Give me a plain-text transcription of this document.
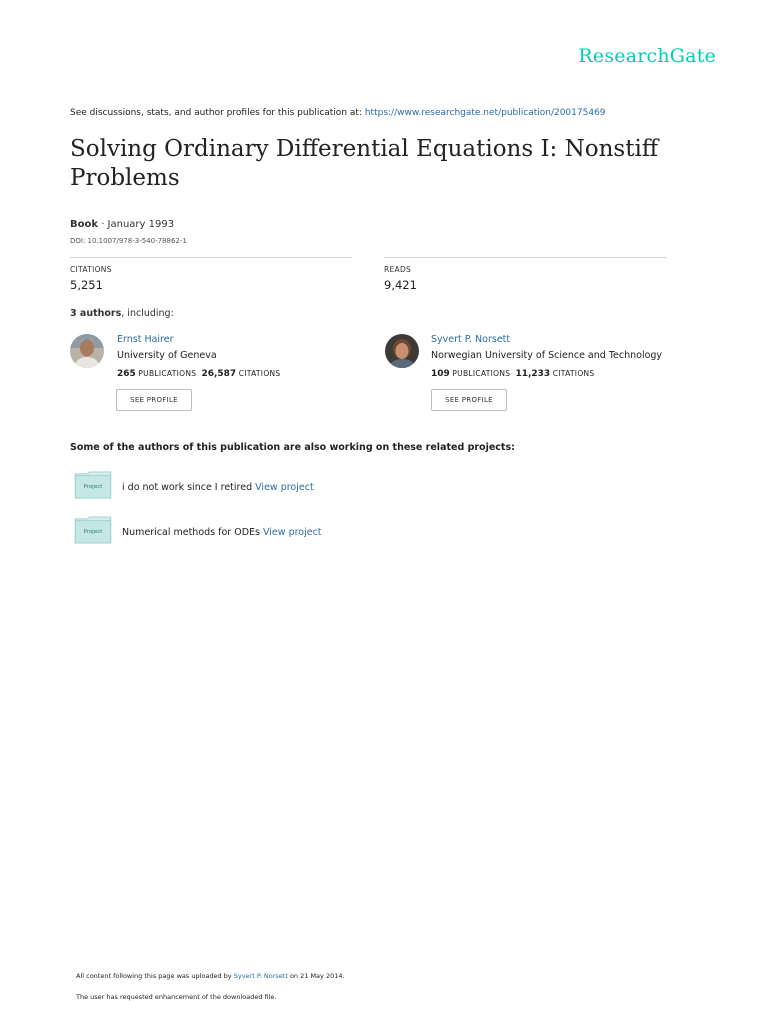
ResearchGate
See discussions, stats, and author profiles for this publication at: https://www.researchgate.net/publication/200175469
Solving Ordinary Differential Equations I: Nonstiff Problems
Book · January 1993
DOI: 10.1007/978-3-540-78862-1
CITATIONS
5,251
READS
9,421
3 authors, including:
Ernst Hairer
University of Geneva
265 PUBLICATIONS 26,587 CITATIONS
SEE PROFILE
Syvert P. Norsett
Norwegian University of Science and Technology
109 PUBLICATIONS 11,233 CITATIONS
SEE PROFILE
Some of the authors of this publication are also working on these related projects:
Project	i do not work since I retired View project
Project	Numerical methods for ODEs View project
All content following this page was uploaded by Syvert P. Norsett on 21 May 2014.
The user has requested enhancement of the downloaded file.
